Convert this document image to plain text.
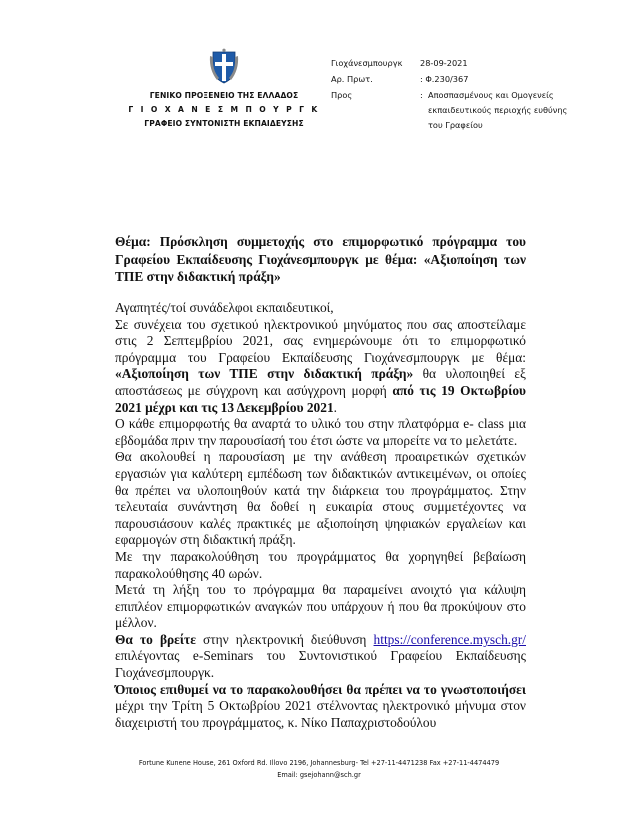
ΓΕΝΙΚΟ ΠΡΟΞΕΝΕΙΟ ΤΗΣ ΕΛΛΑΔΟΣ
Γ Ι Ο Χ Α Ν Ε Σ Μ Π Ο Υ Ρ Γ Κ
ΓΡΑΦΕΙΟ ΣΥΝΤΟΝΙΣΤΗ ΕΚΠΑΙΔΕΥΣΗΣ
Γιοχάνεσμπουργκ 28-09-2021
Αρ. Πρωτ.	: Φ.230/367
Προς	: Αποσπασμένους και Ομογενείς εκπαιδευτικούς περιοχής ευθύνης του Γραφείου
Θέμα: Πρόσκληση συμμετοχής στο επιμορφωτικό πρόγραμμα του Γραφείου Εκπαίδευσης Γιοχάνεσμπουργκ με θέμα: «Αξιοποίηση των ΤΠΕ στην διδακτική πράξη»

Αγαπητές/τοί συνάδελφοι εκπαιδευτικοί,

Σε συνέχεια του σχετικού ηλεκτρονικού μηνύματος που σας αποστείλαμε στις 2 Σεπτεμβρίου 2021, σας ενημερώνουμε ότι το επιμορφωτικό πρόγραμμα του Γραφείου Εκπαίδευσης Γιοχάνεσμπουργκ με θέμα: «Αξιοποίηση των ΤΠΕ στην διδακτική πράξη» θα υλοποιηθεί εξ αποστάσεως με σύγχρονη και ασύγχρονη μορφή από τις 19 Οκτωβρίου 2021 μέχρι και τις 13 Δεκεμβρίου 2021.

Ο κάθε επιμορφωτής θα αναρτά το υλικό του στην πλατφόρμα e- class μια εβδομάδα πριν την παρουσίασή του έτσι ώστε να μπορείτε να το μελετάτε.

Θα ακολουθεί η παρουσίαση με την ανάθεση προαιρετικών σχετικών εργασιών για καλύτερη εμπέδωση των διδακτικών αντικειμένων, οι οποίες θα πρέπει να υλοποιηθούν κατά την διάρκεια του προγράμματος. Στην τελευταία συνάντηση θα δοθεί η ευκαιρία στους συμμετέχοντες να παρουσιάσουν καλές πρακτικές με αξιοποίηση ψηφιακών εργαλείων και εφαρμογών στη διδακτική πράξη.

Με την παρακολούθηση του προγράμματος θα χορηγηθεί βεβαίωση παρακολούθησης 40 ωρών.

Μετά τη λήξη του το πρόγραμμα θα παραμείνει ανοιχτό για κάλυψη επιπλέον επιμορφωτικών αναγκών που υπάρχουν ή που θα προκύψουν στο μέλλον.

Θα το βρείτε στην ηλεκτρονική διεύθυνση https://conference.mysch.gr/ επιλέγοντας e-Seminars του Συντονιστικού Γραφείου Εκπαίδευσης Γιοχάνεσμπουργκ.

Όποιος επιθυμεί να το παρακολουθήσει θα πρέπει να το γνωστοποιήσει μέχρι την Τρίτη 5 Οκτωβρίου 2021 στέλνοντας ηλεκτρονικό μήνυμα στον διαχειριστή του προγράμματος, κ. Νίκο Παπαχριστοδούλου

Fortune Kunene House, 261 Oxford Rd. Illovo 2196, Johannesburg- Tel +27-11-4471238 Fax +27-11-4474479
Email: gsejohann@sch.gr
